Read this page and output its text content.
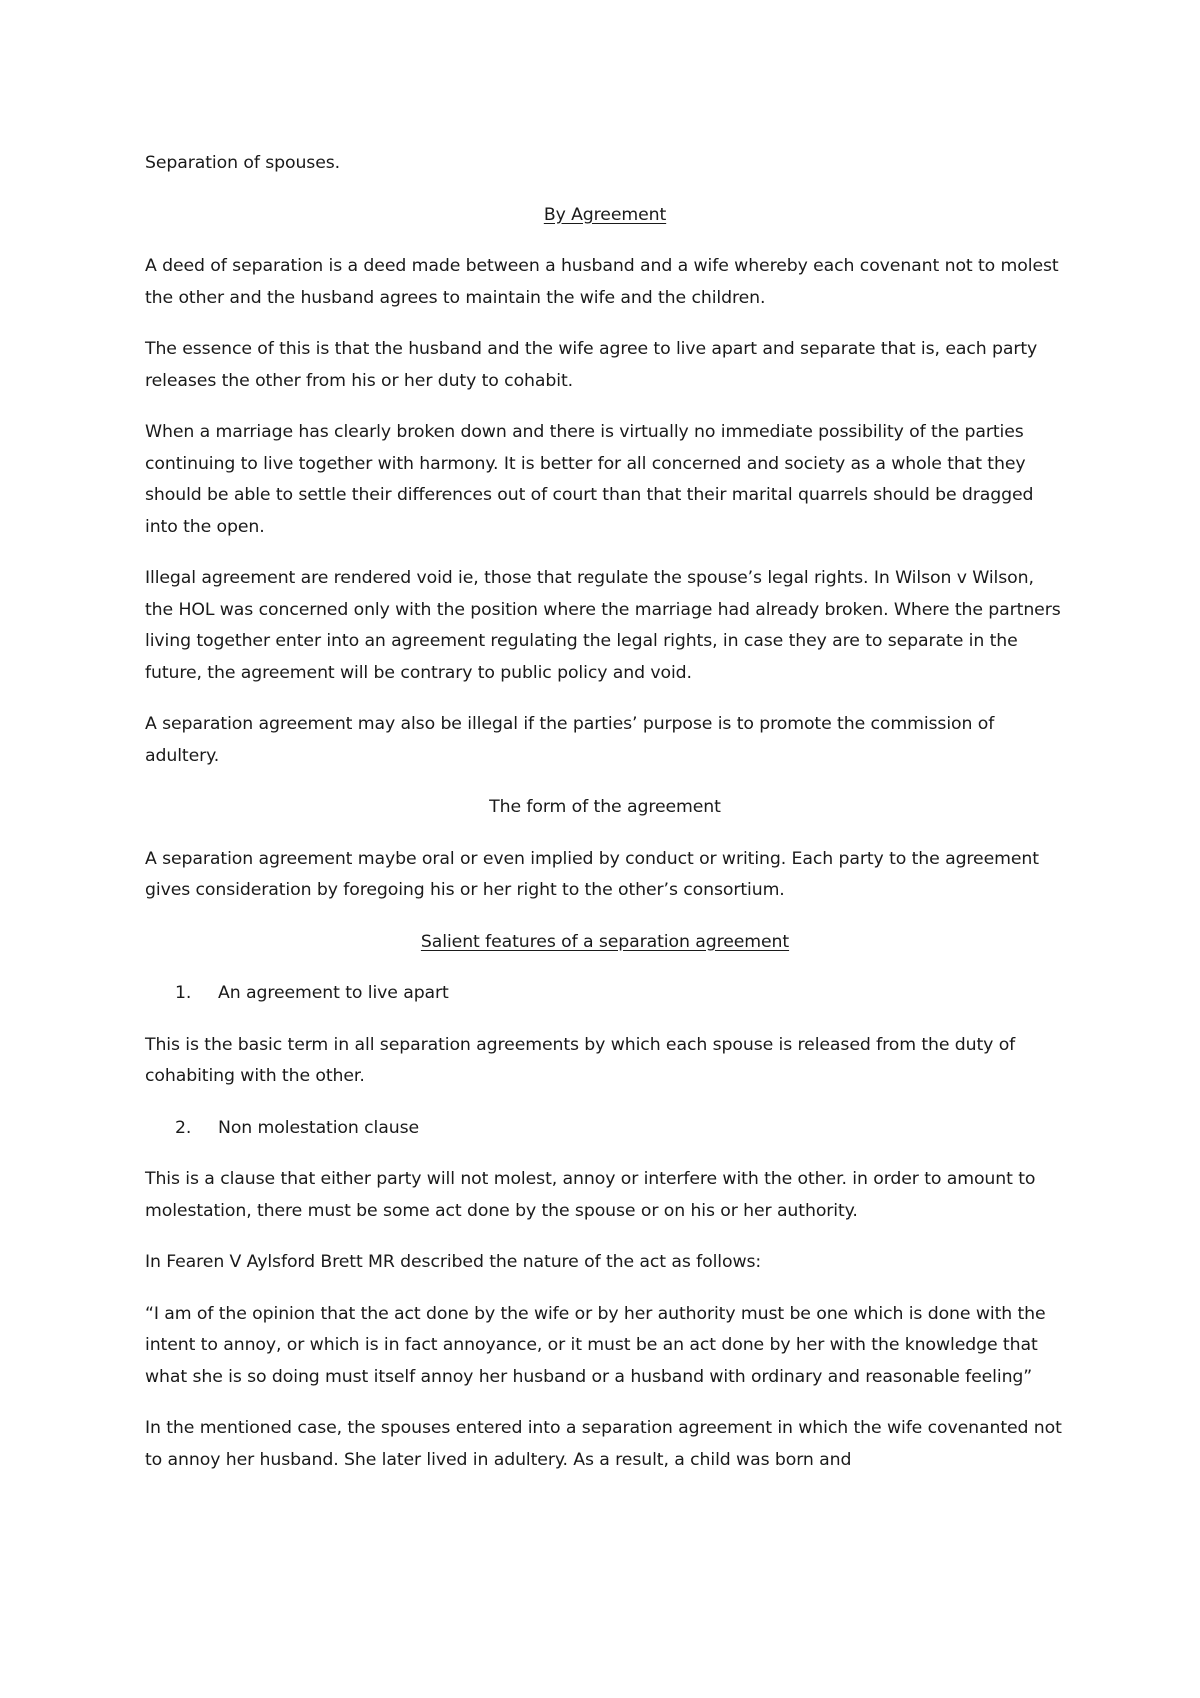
Separation of spouses.

By Agreement

A deed of separation is a deed made between a husband and a wife whereby each covenant not to molest the other and the husband agrees to maintain the wife and the children.

The essence of this is that the husband and the wife agree to live apart and separate that is, each party releases the other from his or her duty to cohabit.

When a marriage has clearly broken down and there is virtually no immediate possibility of the parties continuing to live together with harmony. It is better for all concerned and society as a whole that they should be able to settle their differences out of court than that their marital quarrels should be dragged into the open.

Illegal agreement are rendered void ie, those that regulate the spouse’s legal rights. In Wilson v Wilson, the HOL was concerned only with the position where the marriage had already broken. Where the partners living together enter into an agreement regulating the legal rights, in case they are to separate in the future, the agreement will be contrary to public policy and void.

A separation agreement may also be illegal if the parties’ purpose is to promote the commission of adultery.

The form of the agreement

A separation agreement maybe oral or even implied by conduct or writing. Each party to the agreement gives consideration by foregoing his or her right to the other’s consortium.

Salient features of a separation agreement

1.	An agreement to live apart

This is the basic term in all separation agreements by which each spouse is released from the duty of cohabiting with the other.

2.	Non molestation clause

This is a clause that either party will not molest, annoy or interfere with the other. in order to amount to molestation, there must be some act done by the spouse or on his or her authority.

In Fearen V Aylsford Brett MR described the nature of the act as follows:

“I am of the opinion that the act done by the wife or by her authority must be one which is done with the intent to annoy, or which is in fact annoyance, or it must be an act done by her with the knowledge that what she is so doing must itself annoy her husband or a husband with ordinary and reasonable feeling”

In the mentioned case, the spouses entered into a separation agreement in which the wife covenanted not to annoy her husband. She later lived in adultery. As a result, a child was born and
